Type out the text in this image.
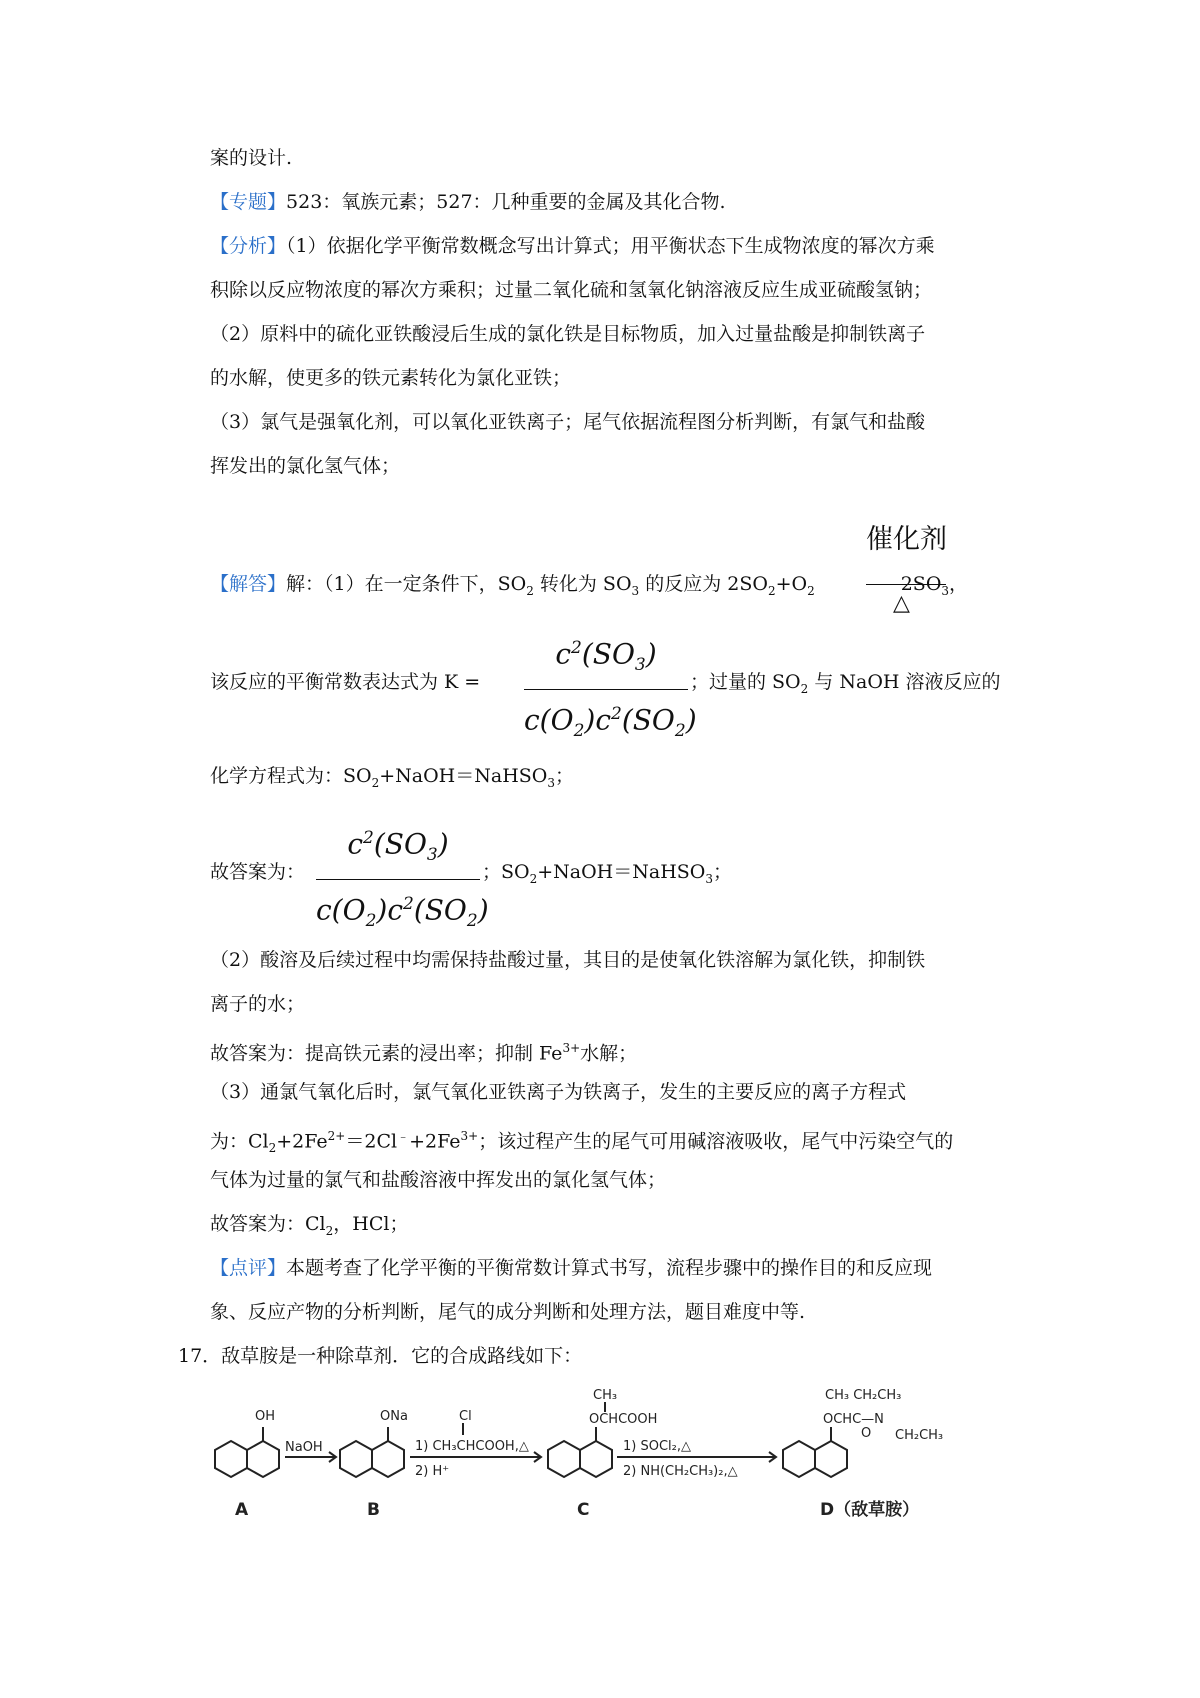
案的设计.
【专题】523：氧族元素；527：几种重要的金属及其化合物.
【分析】（1）依据化学平衡常数概念写出计算式；用平衡状态下生成物浓度的幂次方乘
积除以反应物浓度的幂次方乘积；过量二氧化硫和氢氧化钠溶液反应生成亚硫酸氢钠；
（2）原料中的硫化亚铁酸浸后生成的氯化铁是目标物质，加入过量盐酸是抑制铁离子
的水解，使更多的铁元素转化为氯化亚铁；
（3）氯气是强氧化剂，可以氧化亚铁离子；尾气依据流程图分析判断，有氯气和盐酸
挥发出的氯化氢气体；
催化剂
△
【解答】解：（1）在一定条件下，$SO_2$ 转化为 $SO_3$ 的反应为 $2SO_2+O_2$	$2SO_3$，
该反应的平衡常数表达式为 K =
$c^2(SO_3)$
$c(O_2)c^2(SO_2)$
；过量的 $SO_2$ 与 NaOH 溶液反应的
化学方程式为：$SO_2+NaOH=NaHSO_3$；
故答案为：
$c^2(SO_3)$
$c(O_2)c^2(SO_2)$
；$SO_2+NaOH=NaHSO_3$；
（2）酸溶及后续过程中均需保持盐酸过量，其目的是使氧化铁溶解为氯化铁，抑制铁
离子的水；
故答案为：提高铁元素的浸出率；抑制 $Fe^{3+}$水解；
（3）通氯气氧化后时，氯气氧化亚铁离子为铁离子，发生的主要反应的离子方程式
为：$Cl_2+2Fe^{2+}=2Cl^﹣+2Fe^{3+}$；该过程产生的尾气可用碱溶液吸收，尾气中污染空气的
气体为过量的氯气和盐酸溶液中挥发出的氯化氢气体；
故答案为：$Cl_2$，HCl；
【点评】本题考查了化学平衡的平衡常数计算式书写，流程步骤中的操作目的和反应现
象、反应产物的分析判断，尾气的成分判断和处理方法，题目难度中等.
17．敌草胺是一种除草剂．它的合成路线如下：
OH
NaOH
ONa	Cl
1) CH₃CHCOOH,△
2) H⁺
CH₃
OCHCOOH
1) SOCl₂,△
2) NH(CH₂CH₃)₂,△
CH₃ CH₂CH₃
OCHC—N
O CH₂CH₃
A	B	C	D（敌草胺）
